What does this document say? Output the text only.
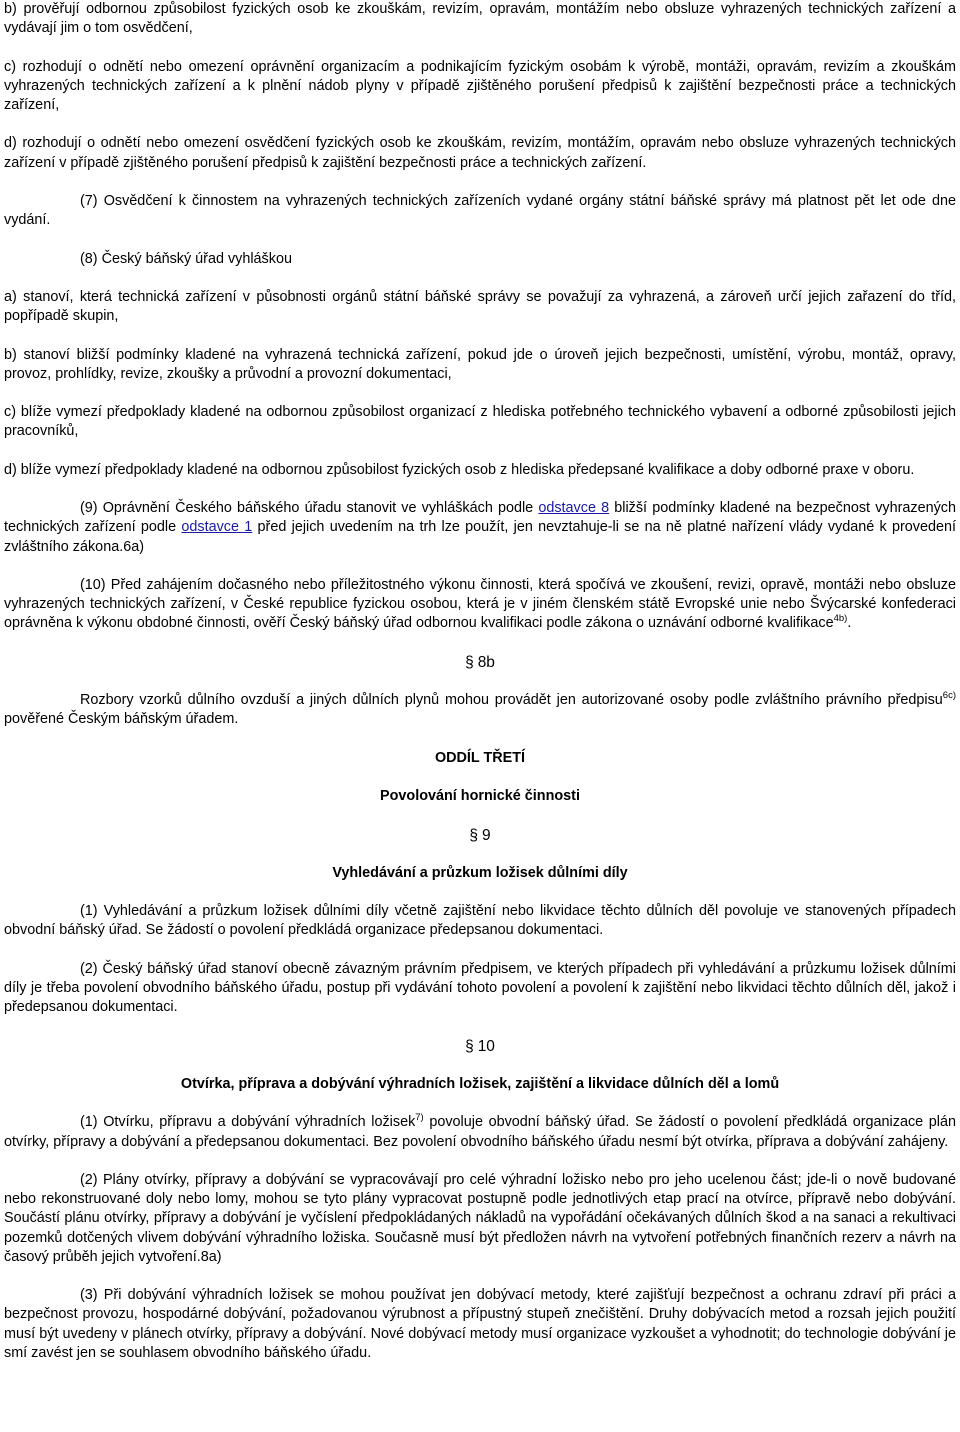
b) prověřují odbornou způsobilost fyzických osob ke zkouškám, revizím, opravám, montážím nebo obsluze vyhrazených technických zařízení a vydávají jim o tom osvědčení,

c) rozhodují o odnětí nebo omezení oprávnění organizacím a podnikajícím fyzickým osobám k výrobě, montáži, opravám, revizím a zkouškám vyhrazených technických zařízení a k plnění nádob plyny v případě zjištěného porušení předpisů k zajištění bezpečnosti práce a technických zařízení,

d) rozhodují o odnětí nebo omezení osvědčení fyzických osob ke zkouškám, revizím, montážím, opravám nebo obsluze vyhrazených technických zařízení v případě zjištěného porušení předpisů k zajištění bezpečnosti práce a technických zařízení.

(7) Osvědčení k činnostem na vyhrazených technických zařízeních vydané orgány státní báňské správy má platnost pět let ode dne vydání.

(8) Český báňský úřad vyhláškou

a) stanoví, která technická zařízení v působnosti orgánů státní báňské správy se považují za vyhrazená, a zároveň určí jejich zařazení do tříd, popřípadě skupin,

b) stanoví bližší podmínky kladené na vyhrazená technická zařízení, pokud jde o úroveň jejich bezpečnosti, umístění, výrobu, montáž, opravy, provoz, prohlídky, revize, zkoušky a průvodní a provozní dokumentaci,

c) blíže vymezí předpoklady kladené na odbornou způsobilost organizací z hlediska potřebného technického vybavení a odborné způsobilosti jejich pracovníků,

d) blíže vymezí předpoklady kladené na odbornou způsobilost fyzických osob z hlediska předepsané kvalifikace a doby odborné praxe v oboru.

(9) Oprávnění Českého báňského úřadu stanovit ve vyhláškách podle odstavce 8 bližší podmínky kladené na bezpečnost vyhrazených technických zařízení podle odstavce 1 před jejich uvedením na trh lze použít, jen nevztahuje-li se na ně platné nařízení vlády vydané k provedení zvláštního zákona.6a)

(10) Před zahájením dočasného nebo příležitostného výkonu činnosti, která spočívá ve zkoušení, revizi, opravě, montáži nebo obsluze vyhrazených technických zařízení, v České republice fyzickou osobou, která je v jiném členském státě Evropské unie nebo Švýcarské konfederaci oprávněna k výkonu obdobné činnosti, ověří Český báňský úřad odbornou kvalifikaci podle zákona o uznávání odborné kvalifikace$^{4b)}$.

§ 8b

Rozbory vzorků důlního ovzduší a jiných důlních plynů mohou provádět jen autorizované osoby podle zvláštního právního předpisu$^{6c)}$ pověřené Českým báňským úřadem.

ODDÍL TŘETÍ

Povolování hornické činnosti

§ 9

Vyhledávání a průzkum ložisek důlními díly

(1) Vyhledávání a průzkum ložisek důlními díly včetně zajištění nebo likvidace těchto důlních děl povoluje ve stanovených případech obvodní báňský úřad. Se žádostí o povolení předkládá organizace předepsanou dokumentaci.

(2) Český báňský úřad stanoví obecně závazným právním předpisem, ve kterých případech při vyhledávání a průzkumu ložisek důlními díly je třeba povolení obvodního báňského úřadu, postup při vydávání tohoto povolení a povolení k zajištění nebo likvidaci těchto důlních děl, jakož i předepsanou dokumentaci.

§ 10

Otvírka, příprava a dobývání výhradních ložisek, zajištění a likvidace důlních děl a lomů

(1) Otvírku, přípravu a dobývání výhradních ložisek$^{7)}$ povoluje obvodní báňský úřad. Se žádostí o povolení předkládá organizace plán otvírky, přípravy a dobývání a předepsanou dokumentaci. Bez povolení obvodního báňského úřadu nesmí být otvírka, příprava a dobývání zahájeny.

(2) Plány otvírky, přípravy a dobývání se vypracovávají pro celé výhradní ložisko nebo pro jeho ucelenou část; jde-li o nově budované nebo rekonstruované doly nebo lomy, mohou se tyto plány vypracovat postupně podle jednotlivých etap prací na otvírce, přípravě nebo dobývání. Součástí plánu otvírky, přípravy a dobývání je vyčíslení předpokládaných nákladů na vypořádání očekávaných důlních škod a na sanaci a rekultivaci pozemků dotčených vlivem dobývání výhradního ložiska. Současně musí být předložen návrh na vytvoření potřebných finančních rezerv a návrh na časový průběh jejich vytvoření.8a)

(3) Při dobývání výhradních ložisek se mohou používat jen dobývací metody, které zajišťují bezpečnost a ochranu zdraví při práci a bezpečnost provozu, hospodárné dobývání, požadovanou výrubnost a přípustný stupeň znečištění. Druhy dobývacích metod a rozsah jejich použití musí být uvedeny v plánech otvírky, přípravy a dobývání. Nové dobývací metody musí organizace vyzkoušet a vyhodnotit; do technologie dobývání je smí zavést jen se souhlasem obvodního báňského úřadu.
